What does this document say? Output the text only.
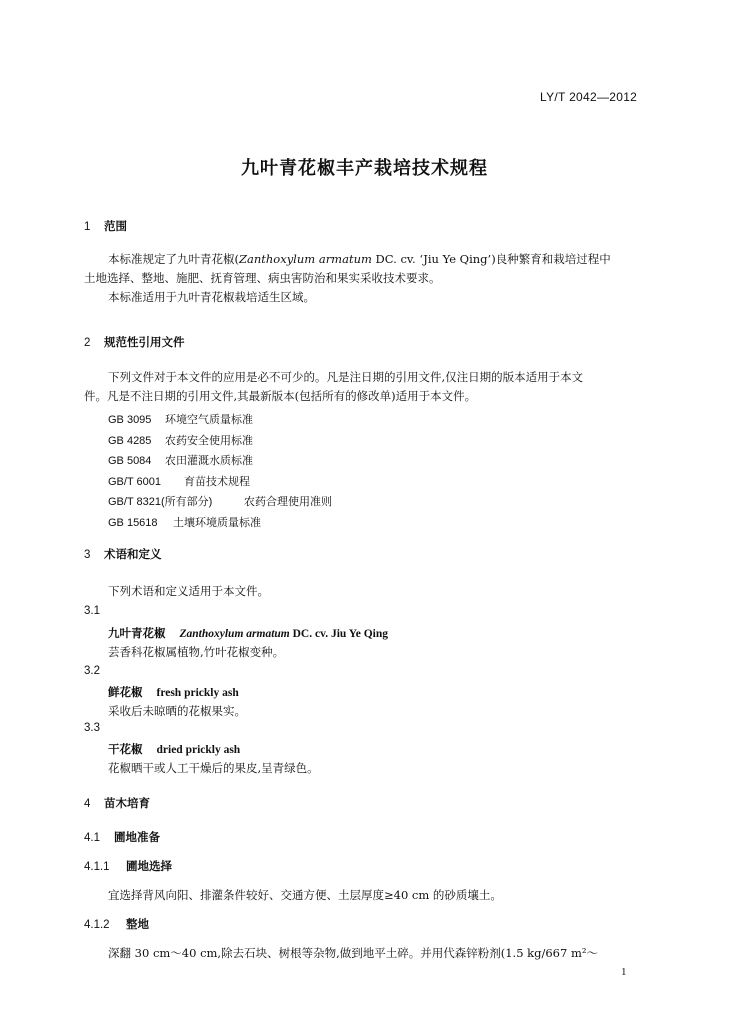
LY/T 2042—2012
九叶青花椒丰产栽培技术规程
1 范围
本标准规定了九叶青花椒(Zanthoxylum armatum DC. cv. ‘Jiu Ye Qing’)良种繁育和栽培过程中
土地选择、整地、施肥、抚育管理、病虫害防治和果实采收技术要求。
本标准适用于九叶青花椒栽培适生区域。
2 规范性引用文件
下列文件对于本文件的应用是必不可少的。凡是注日期的引用文件,仅注日期的版本适用于本文
件。凡是不注日期的引用文件,其最新版本(包括所有的修改单)适用于本文件。
GB 3095 环境空气质量标准
GB 4285 农药安全使用标准
GB 5084 农田灌溉水质标准
GB/T 6001 育苗技术规程
GB/T 8321(所有部分)	农药合理使用准则
GB 15618 土壤环境质量标准
3 术语和定义
下列术语和定义适用于本文件。
3.1
九叶青花椒 Zanthoxylum armatum DC. cv. Jiu Ye Qing
芸香科花椒属植物,竹叶花椒变种。
3.2
鲜花椒 fresh prickly ash
采收后未晾晒的花椒果实。
3.3
干花椒 dried prickly ash
花椒晒干或人工干燥后的果皮,呈青绿色。
4 苗木培育
4.1 圃地准备
4.1.1 圃地选择
宜选择背风向阳、排灌条件较好、交通方便、土层厚度≥40 cm 的砂质壤土。
4.1.2 整地
深翻 30 cm～40 cm,除去石块、树根等杂物,做到地平土碎。并用代森锌粉剂(1.5 kg/667 m²～
1
